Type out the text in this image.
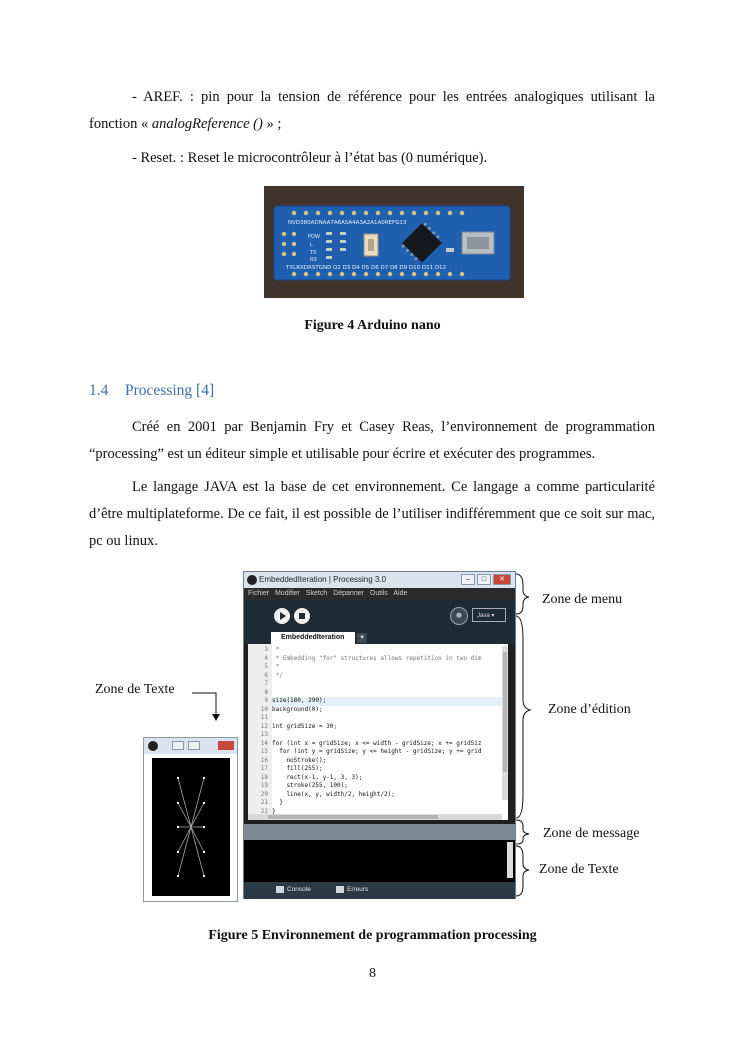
- AREF. : pin pour la tension de référence pour les entrées analogiques utilisant la fonction « analogReference () » ;
- Reset. : Reset le microcontrôleur à l’état bas (0 numérique).
NVD380ADNAA7A6A5A4A3A2A1A0REFG13
TXLRXDRSTGND D2 D3 D4 D5 D6 D7 D8 D9 D10 D11 D12
POW
L
TX
RX
Figure 4 Arduino nano
1.4 Processing [4]
Créé en 2001 par Benjamin Fry et Casey Reas, l’environnement de programmation “processing” est un éditeur simple et utilisable pour écrire et exécuter des programmes.
Le langage JAVA est la base de cet environnement. Ce langage a comme particularité d’être multiplateforme. De ce fait, il est possible de l’utiliser indifféremment que ce soit sur mac, pc ou linux.
EmbeddedIteration | Processing 3.0	–	□	✕
Fichier Modifier Sketch Dépanner Outils Aide
⊕	Java ▾
EmbeddedIteration	▼
3 *
4 * Embedding "for" structures allows repetition in two dim
5 *
6 */
7
8
9 size(180, 290);
10 background(0);
11
12 int gridSize = 30;
13
14 for (int x = gridSize; x <= width - gridSize; x += gridSiz
15  for (int y = gridSize; y <= height - gridSize; y += grid
16    noStroke();
17    fill(255);
18    rect(x-1, y-1, 3, 3);
19    stroke(255, 100);
20    line(x, y, width/2, height/2);
21  }
22 }
Console	Erreurs
Zone de Texte
Zone de menu
Zone d’édition
Zone de message
Zone de Texte
Figure 5 Environnement de programmation processing
8
